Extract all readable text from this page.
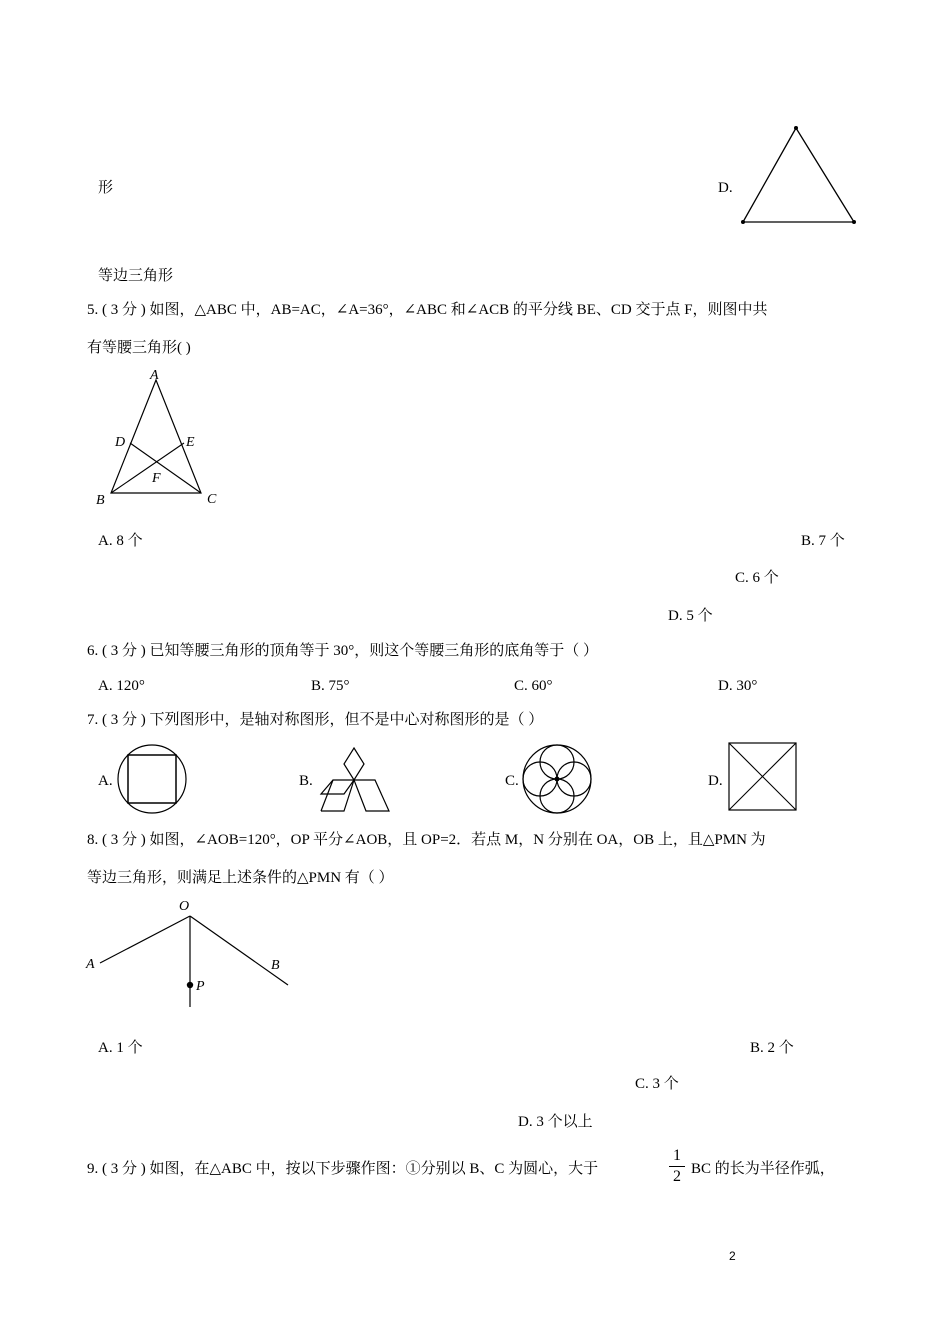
形	D.
等边三角形
5. ( 3 分 ) 如图，△ABC 中，AB=AC，∠A=36°，∠ABC 和∠ACB 的平分线 BE、CD 交于点 F，则图中共
有等腰三角形( )
A
B	C
D	E
F
A. 8 个	B. 7 个
C. 6 个
D. 5 个
6. ( 3 分 ) 已知等腰三角形的顶角等于 30°，则这个等腰三角形的底角等于（ ）
A. 120°	B. 75°	C. 60°	D. 30°
7. ( 3 分 ) 下列图形中，是轴对称图形，但不是中心对称图形的是（ ）
A.	B.	C.	D.
8. ( 3 分 ) 如图，∠AOB=120°，OP 平分∠AOB，且 OP=2．若点 M，N 分别在 OA，OB 上，且△PMN 为
等边三角形，则满足上述条件的△PMN 有（ ）
O
A	B
P
A. 1 个	B. 2 个
C. 3 个
D. 3 个以上
9. ( 3 分 ) 如图，在△ABC 中，按以下步骤作图：①分别以 B、C 为圆心，大于
1
2 BC 的长为半径作弧，
2
